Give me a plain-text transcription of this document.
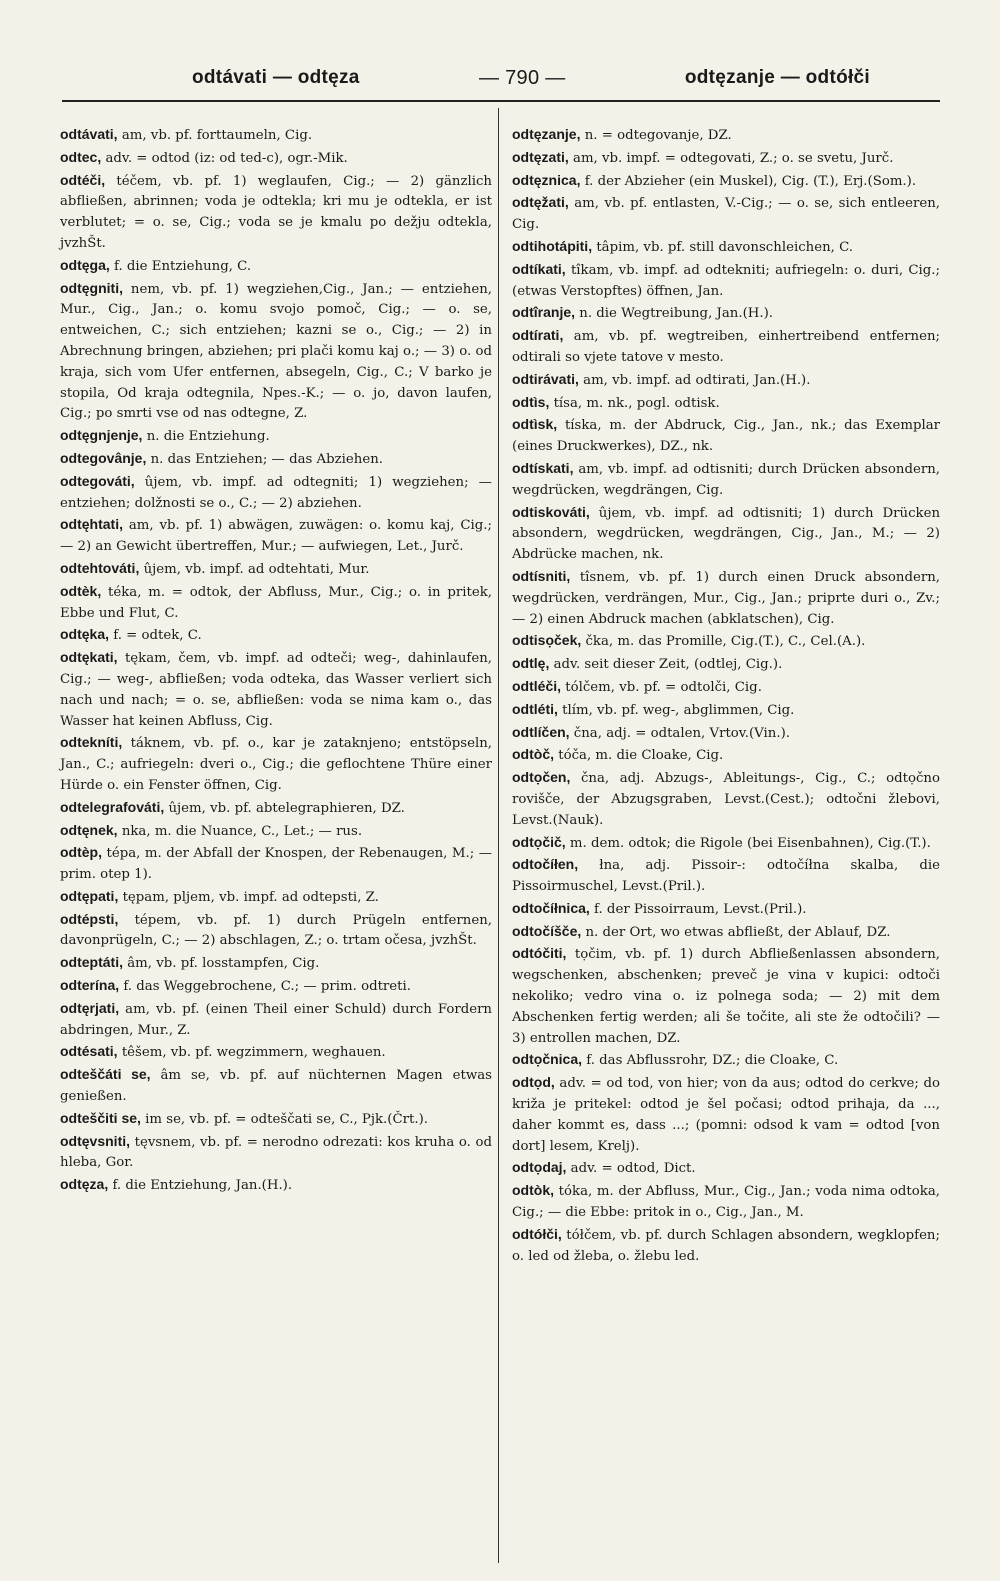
odtávati — odtęza	— 790 —	odtęzanje — odtółči
odtávati, am, vb. pf. forttaumeln, Cig.
odtec, adv. = odtod (iz: od ted-c), ogr.-Mik.
odtéči, téčem, vb. pf. 1) weglaufen, Cig.; — 2) gänzlich abfließen, abrinnen; voda je odtekla; kri mu je odtekla, er ist verblutet; = o. se, Cig.; voda se je kmalu po dežju odtekla, jvzhŠt.
odtęga, f. die Entziehung, C.
odtęgniti, nem, vb. pf. 1) wegziehen,Cig., Jan.; — entziehen, Mur., Cig., Jan.; o. komu svojo pomoč, Cig.; — o. se, entweichen, C.; sich entziehen; kazni se o., Cig.; — 2) in Abrechnung bringen, abziehen; pri plači komu kaj o.; — 3) o. od kraja, sich vom Ufer entfernen, absegeln, Cig., C.; V barko je stopila, Od kraja odtegnila, Npes.-K.; — o. jo, davon laufen, Cig.; po smrti vse od nas odtegne, Z.
odtęgnjenje, n. die Entziehung.
odtegovânje, n. das Entziehen; — das Abziehen.
odtegováti, ûjem, vb. impf. ad odtegniti; 1) wegziehen; — entziehen; dolžnosti se o., C.; — 2) abziehen.
odtęhtati, am, vb. pf. 1) abwägen, zuwägen: o. komu kaj, Cig.; — 2) an Gewicht übertreffen, Mur.; — aufwiegen, Let., Jurč.
odtehtováti, ûjem, vb. impf. ad odtehtati, Mur.
odtèk, téka, m. = odtok, der Abfluss, Mur., Cig.; o. in pritek, Ebbe und Flut, C.
odtęka, f. = odtek, C.
odtękati, tękam, čem, vb. impf. ad odteči; weg-, dahinlaufen, Cig.; — weg-, abfließen; voda odteka, das Wasser verliert sich nach und nach; = o. se, abfließen: voda se nima kam o., das Wasser hat keinen Abfluss, Cig.
odtekníti, táknem, vb. pf. o., kar je zataknjeno; entstöpseln, Jan., C.; aufriegeln: dveri o., Cig.; die geflochtene Thüre einer Hürde o. ein Fenster öffnen, Cig.
odtelegrafováti, ûjem, vb. pf. abtelegraphieren, DZ.
odtęnek, nka, m. die Nuance, C., Let.; — rus.
odtèp, tépa, m. der Abfall der Knospen, der Rebenaugen, M.; — prim. otep 1).
odtępati, tępam, pljem, vb. impf. ad odtepsti, Z.
odtépsti, tépem, vb. pf. 1) durch Prügeln entfernen, davonprügeln, C.; — 2) abschlagen, Z.; o. trtam očesa, jvzhŠt.
odteptáti, âm, vb. pf. losstampfen, Cig.
odterína, f. das Weggebrochene, C.; — prim. odtreti.
odtęrjati, am, vb. pf. (einen Theil einer Schuld) durch Fordern abdringen, Mur., Z.
odtésati, têšem, vb. pf. wegzimmern, weghauen.
odteščáti se, âm se, vb. pf. auf nüchternen Magen etwas genießen.
odteščiti se, im se, vb. pf. = odteščati se, C., Pjk.(Črt.).
odtęvsniti, tęvsnem, vb. pf. = nerodno odrezati: kos kruha o. od hleba, Gor.
odtęza, f. die Entziehung, Jan.(H.).
odtęzanje, n. = odtegovanje, DZ.
odtęzati, am, vb. impf. = odtegovati, Z.; o. se svetu, Jurč.
odtęznica, f. der Abzieher (ein Muskel), Cig. (T.), Erj.(Som.).
odtęžati, am, vb. pf. entlasten, V.-Cig.; — o. se, sich entleeren, Cig.
odtihotápiti, tâpim, vb. pf. still davonschleichen, C.
odtíkati, tîkam, vb. impf. ad odtekniti; aufriegeln: o. duri, Cig.; (etwas Verstopftes) öffnen, Jan.
odtîranje, n. die Wegtreibung, Jan.(H.).
odtírati, am, vb. pf. wegtreiben, einhertreibend entfernen; odtirali so vjete tatove v mesto.
odtirávati, am, vb. impf. ad odtirati, Jan.(H.).
odtìs, tísa, m. nk., pogl. odtisk.
odtìsk, tíska, m. der Abdruck, Cig., Jan., nk.; das Exemplar (eines Druckwerkes), DZ., nk.
odtískati, am, vb. impf. ad odtisniti; durch Drücken absondern, wegdrücken, wegdrängen, Cig.
odtiskováti, ûjem, vb. impf. ad odtisniti; 1) durch Drücken absondern, wegdrücken, wegdrängen, Cig., Jan., M.; — 2) Abdrücke machen, nk.
odtísniti, tîsnem, vb. pf. 1) durch einen Druck absondern, wegdrücken, verdrängen, Mur., Cig., Jan.; priprte duri o., Zv.; — 2) einen Abdruck machen (abklatschen), Cig.
odtisọček, čka, m. das Promille, Cig.(T.), C., Cel.(A.).
odtlę, adv. seit dieser Zeit, (odtlej, Cig.).
odtléči, tólčem, vb. pf. = odtolči, Cig.
odtléti, tlím, vb. pf. weg-, abglimmen, Cig.
odtlíčen, čna, adj. = odtalen, Vrtov.(Vin.).
odtòč, tóča, m. die Cloake, Cig.
odtọčen, čna, adj. Abzugs-, Ableitungs-, Cig., C.; odtọčno rovišče, der Abzugsgraben, Levst.(Cest.); odtočni žlebovi, Levst.(Nauk).
odtọčič, m. dem. odtok; die Rigole (bei Eisenbahnen), Cig.(T.).
odtočíłen, łna, adj. Pissoir-: odtočíłna skalba, die Pissoirmuschel, Levst.(Pril.).
odtočíłnica, f. der Pissoirraum, Levst.(Pril.).
odtočíšče, n. der Ort, wo etwas abfließt, der Ablauf, DZ.
odtóčiti, tọčim, vb. pf. 1) durch Abfließenlassen absondern, wegschenken, abschenken; preveč je vina v kupici: odtoči nekoliko; vedro vina o. iz polnega soda; — 2) mit dem Abschenken fertig werden; ali še točite, ali ste že odtočili? — 3) entrollen machen, DZ.
odtọčnica, f. das Abflussrohr, DZ.; die Cloake, C.
odtọd, adv. = od tod, von hier; von da aus; odtod do cerkve; do križa je pritekel: odtod je šel počasi; odtod prihaja, da ..., daher kommt es, dass ...; (pomni: odsod k vam = odtod [von dort] lesem, Krelj).
odtọdaj, adv. = odtod, Dict.
odtòk, tóka, m. der Abfluss, Mur., Cig., Jan.; voda nima odtoka, Cig.; — die Ebbe: pritok in o., Cig., Jan., M.
odtółči, tółčem, vb. pf. durch Schlagen absondern, wegklopfen; o. led od žleba, o. žlebu led.
